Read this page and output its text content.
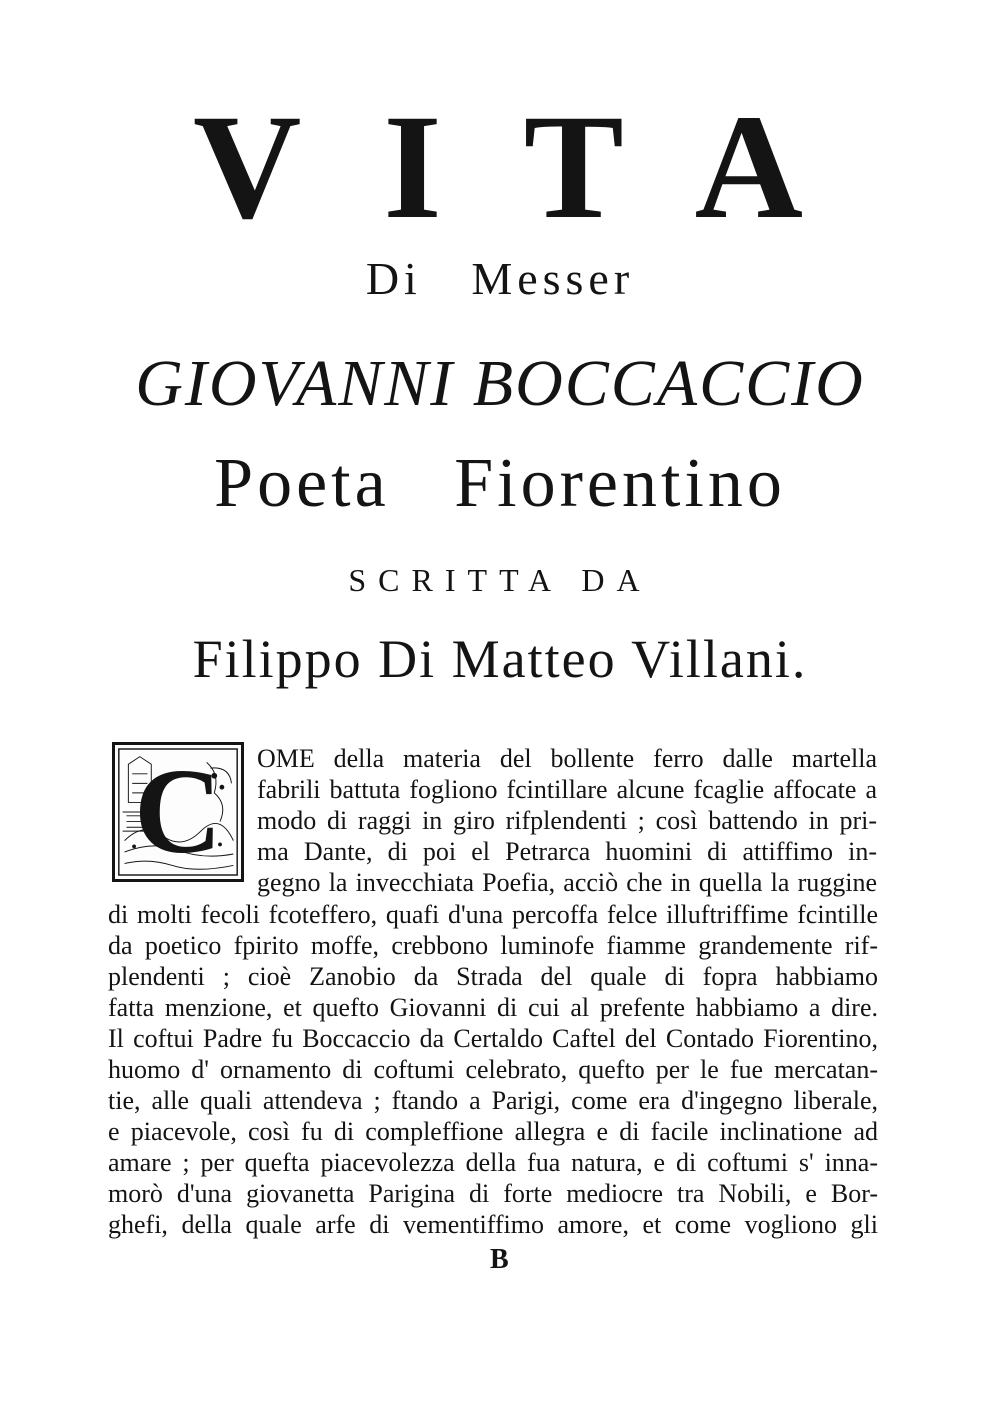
VITA
Di Messer
GIOVANNI BOCCACCIO
Poeta Fiorentino
SCRITTA DA
Filippo Di Matteo Villani.
C	OME della materia del bollente ferro dalle martella
fabrili battuta fogliono fcintillare alcune fcaglie affocate a
modo di raggi in giro rifplendenti ; così battendo in pri-
ma Dante, di poi el Petrarca huomini di attiffimo in-
gegno la invecchiata Poefia, acciò che in quella la ruggine
di molti fecoli fcoteffero, quafi d'una percoffa felce illuftriffime fcintille
da poetico fpirito moffe, crebbono luminofe fiamme grandemente rif-
plendenti ; cioè Zanobio da Strada del quale di fopra habbiamo
fatta menzione, et quefto Giovanni di cui al prefente habbiamo a dire.
Il coftui Padre fu Boccaccio da Certaldo Caftel del Contado Fiorentino,
huomo d' ornamento di coftumi celebrato, quefto per le fue mercatan-
tie, alle quali attendeva ; ftando a Parigi, come era d'ingegno liberale,
e piacevole, così fu di compleffione allegra e di facile inclinatione ad
amare ; per quefta piacevolezza della fua natura, e di coftumi s' inna-
morò d'una giovanetta Parigina di forte mediocre tra Nobili, e Bor-
ghefi, della quale arfe di vementiffimo amore, et come vogliono gli
B
